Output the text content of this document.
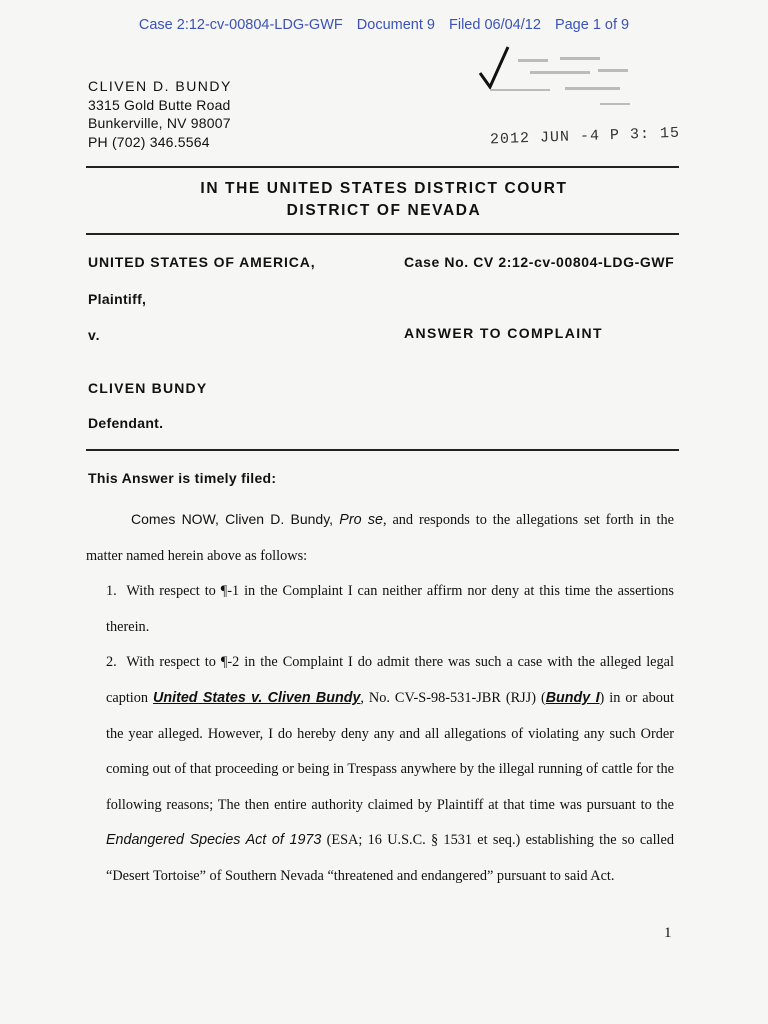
Case 2:12-cv-00804-LDG-GWF Document 9 Filed 06/04/12 Page 1 of 9
CLIVEN D. BUNDY
3315 Gold Butte Road
Bunkerville, NV 98007
PH (702) 346.5564	2012 JUN -4 P 3: 15
IN THE UNITED STATES DISTRICT COURT
DISTRICT OF NEVADA
UNITED STATES OF AMERICA,	Case No. CV 2:12-cv-00804-LDG-GWF
Plaintiff,
v.	ANSWER TO COMPLAINT
CLIVEN BUNDY
Defendant.
This Answer is timely filed:

Comes NOW, Cliven D. Bundy, Pro se, and responds to the allegations set forth in the matter named herein above as follows:

1. With respect to ¶-1 in the Complaint I can neither affirm nor deny at this time the assertions therein.

2. With respect to ¶-2 in the Complaint I do admit there was such a case with the alleged legal caption United States v. Cliven Bundy, No. CV-S-98-531-JBR (RJJ) (Bundy I) in or about the year alleged. However, I do hereby deny any and all allegations of violating any such Order coming out of that proceeding or being in Trespass anywhere by the illegal running of cattle for the following reasons; The then entire authority claimed by Plaintiff at that time was pursuant to the Endangered Species Act of 1973 (ESA; 16 U.S.C. § 1531 et seq.) establishing the so called “Desert Tortoise” of Southern Nevada “threatened and endangered” pursuant to said Act.

1
